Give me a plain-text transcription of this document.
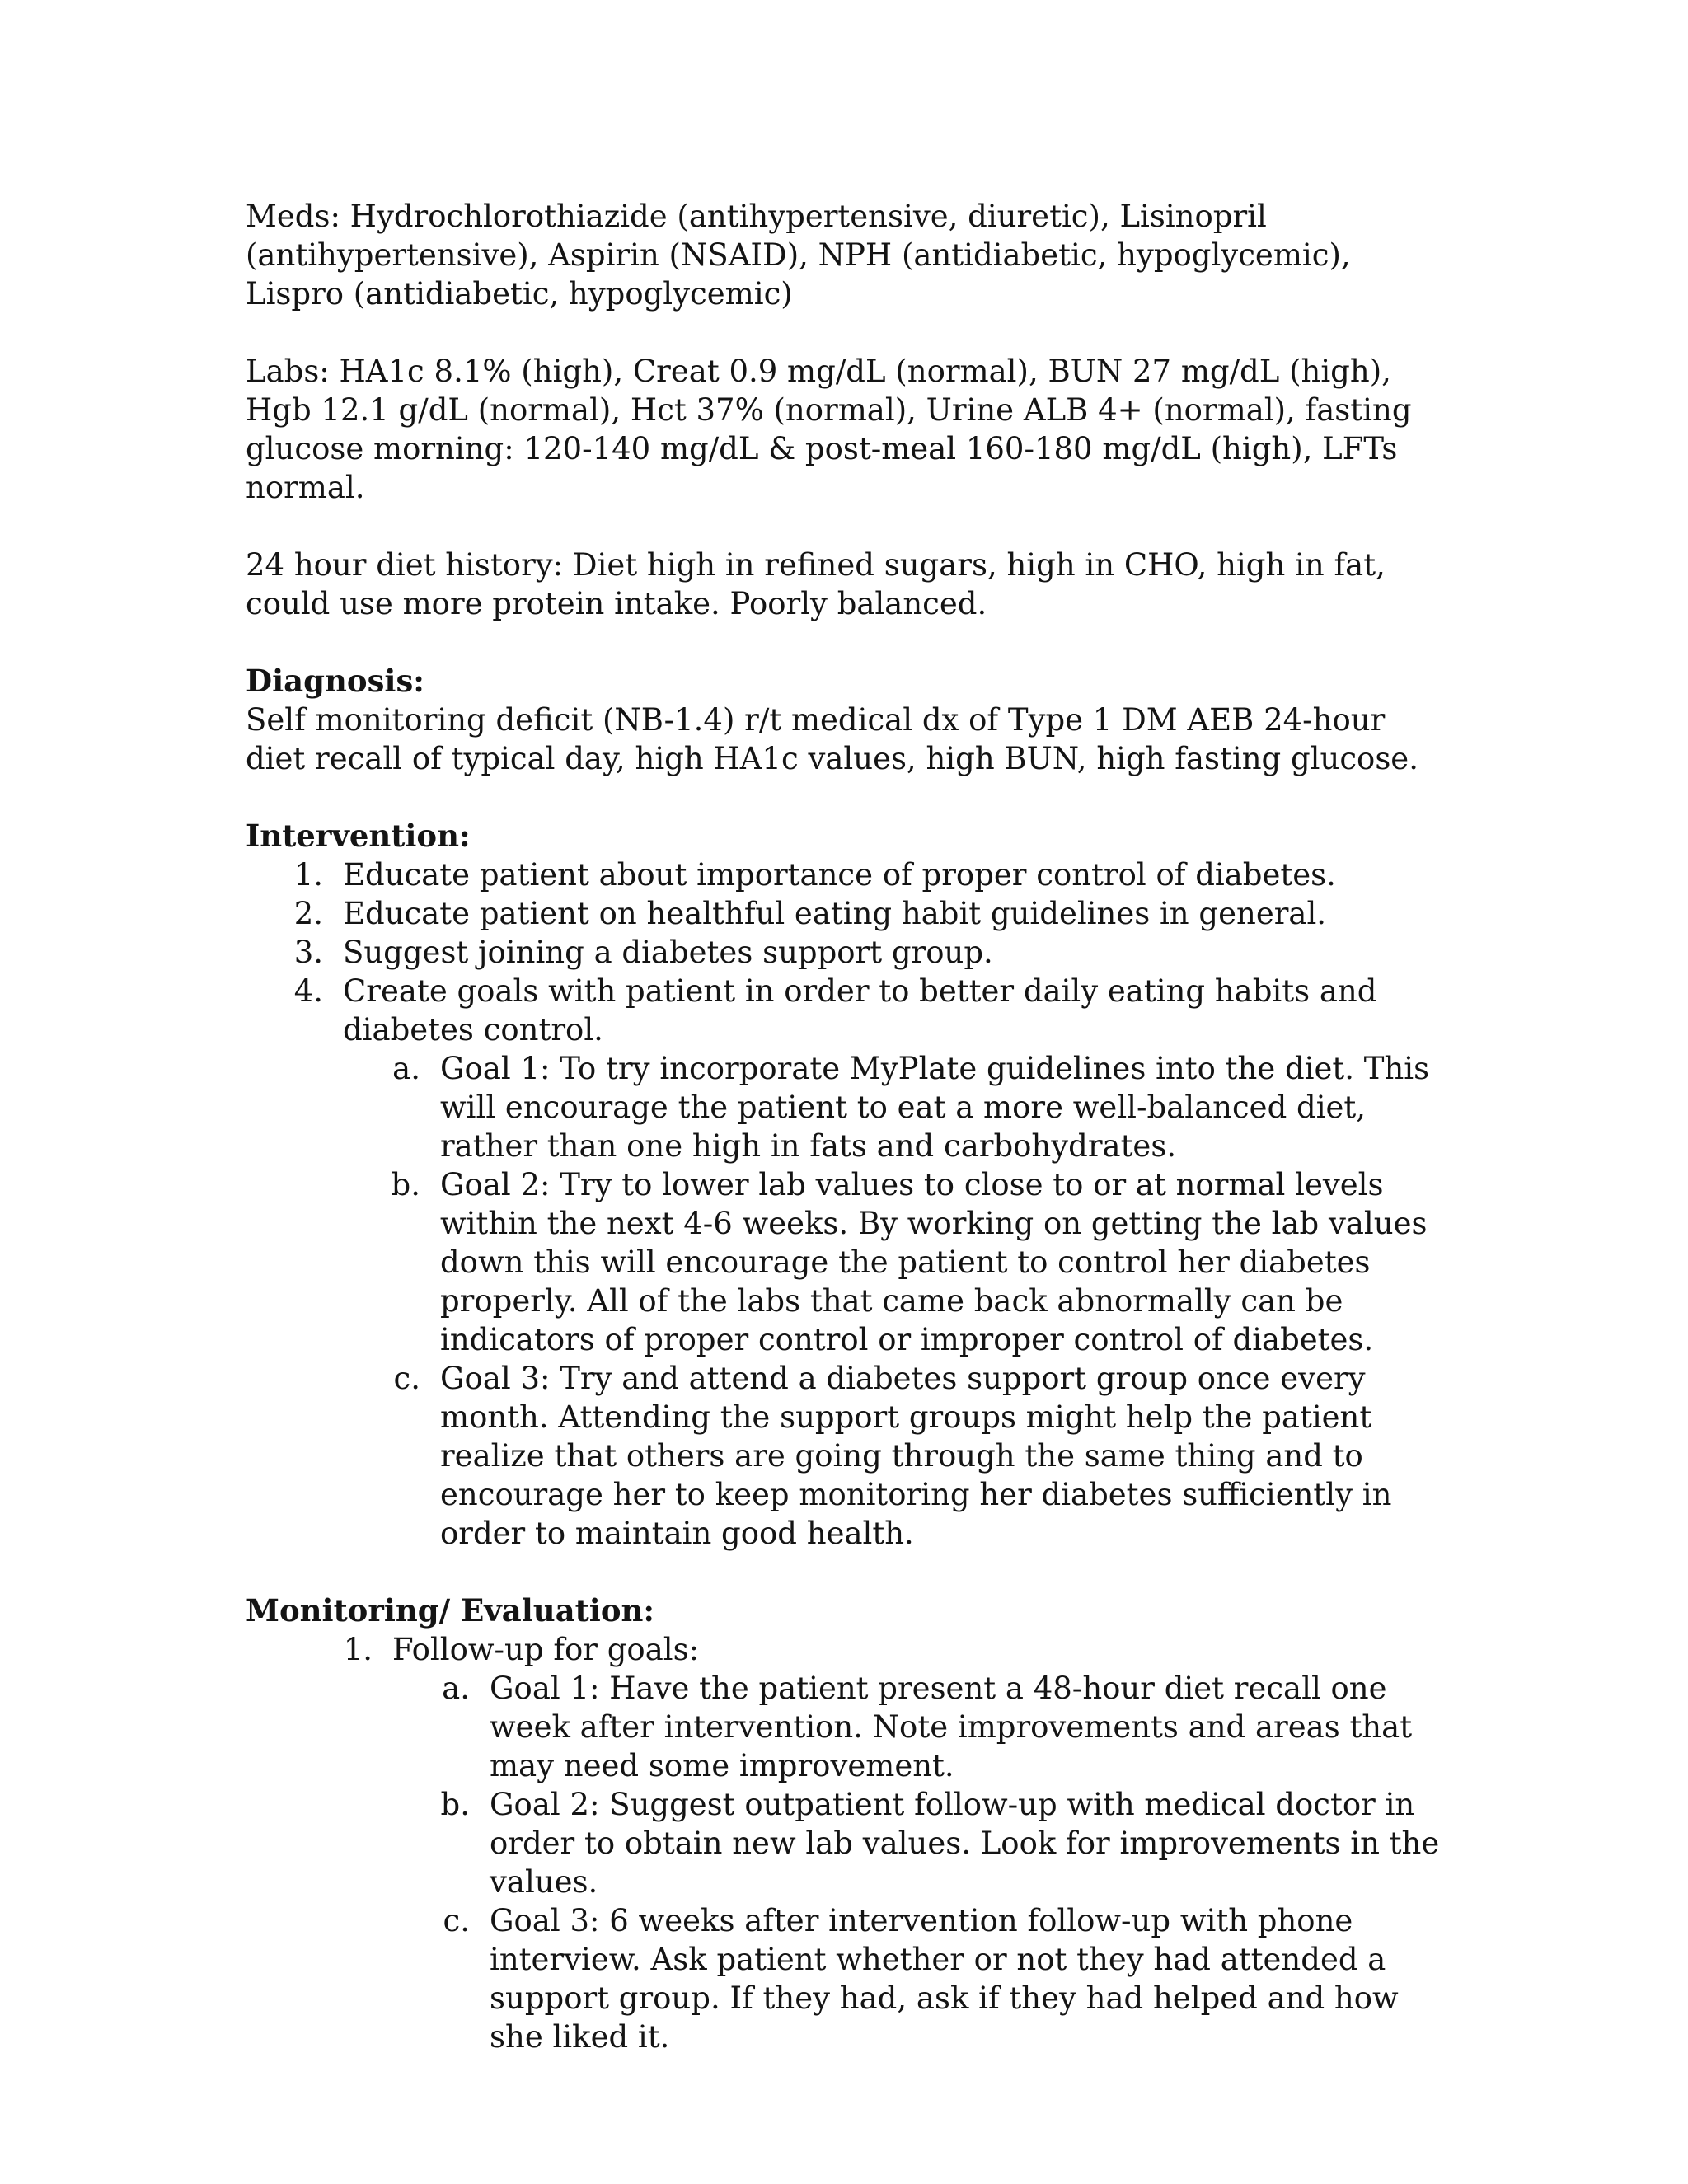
Meds: Hydrochlorothiazide (antihypertensive, diuretic), Lisinopril (antihypertensive), Aspirin (NSAID), NPH (antidiabetic, hypoglycemic), Lispro (antidiabetic, hypoglycemic)

Labs: HA1c 8.1% (high), Creat 0.9 mg/dL (normal), BUN 27 mg/dL (high), Hgb 12.1 g/dL (normal), Hct 37% (normal), Urine ALB 4+ (normal), fasting glucose morning: 120-140 mg/dL & post-meal 160-180 mg/dL (high), LFTs normal.

24 hour diet history: Diet high in refined sugars, high in CHO, high in fat, could use more protein intake. Poorly balanced.

Diagnosis:

Self monitoring deficit (NB-1.4) r/t medical dx of Type 1 DM AEB 24-hour diet recall of typical day, high HA1c values, high BUN, high fasting glucose.

Intervention:

1. Educate patient about importance of proper control of diabetes.
2. Educate patient on healthful eating habit guidelines in general.
3. Suggest joining a diabetes support group.
4. Create goals with patient in order to better daily eating habits and diabetes control.
a. Goal 1: To try incorporate MyPlate guidelines into the diet. This will encourage the patient to eat a more well-balanced diet, rather than one high in fats and carbohydrates.
b. Goal 2: Try to lower lab values to close to or at normal levels within the next 4-6 weeks. By working on getting the lab values down this will encourage the patient to control her diabetes properly. All of the labs that came back abnormally can be indicators of proper control or improper control of diabetes.
c. Goal 3: Try and attend a diabetes support group once every month. Attending the support groups might help the patient realize that others are going through the same thing and to encourage her to keep monitoring her diabetes sufficiently in order to maintain good health.

Monitoring/ Evaluation:

1. Follow-up for goals:
a. Goal 1: Have the patient present a 48-hour diet recall one week after intervention. Note improvements and areas that may need some improvement.
b. Goal 2: Suggest outpatient follow-up with medical doctor in order to obtain new lab values. Look for improvements in the values.
c. Goal 3: 6 weeks after intervention follow-up with phone interview. Ask patient whether or not they had attended a support group. If they had, ask if they had helped and how she liked it.
